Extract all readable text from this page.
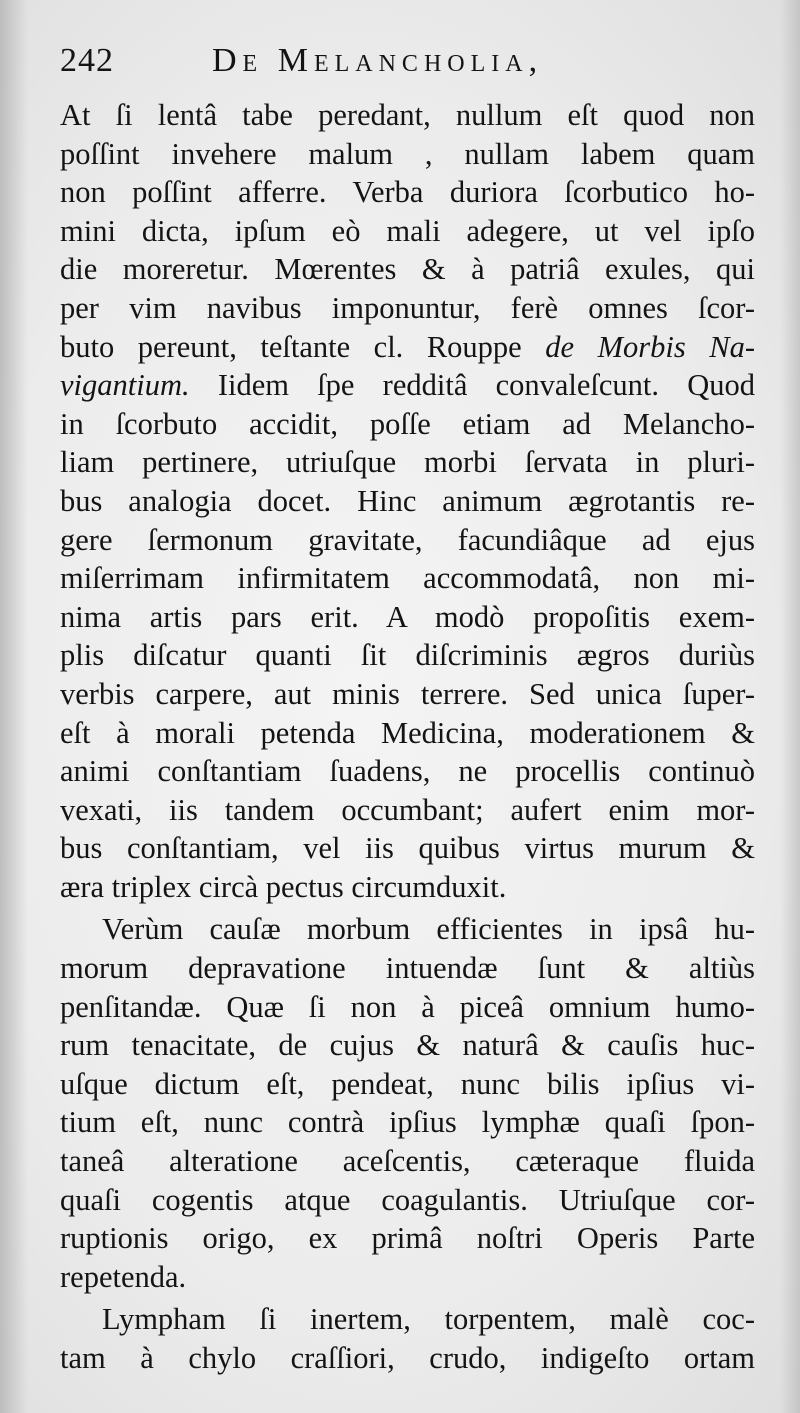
242	De Melancholia,
At ſi lentâ tabe peredant, nullum eſt quod non
poſſint invehere malum , nullam labem quam
non poſſint afferre. Verba duriora ſcorbutico ho-
mini dicta, ipſum eò mali adegere, ut vel ipſo
die moreretur. Mœrentes & à patriâ exules, qui
per vim navibus imponuntur, ferè omnes ſcor-
buto pereunt, teſtante cl. Rouppe de Morbis Na-
vigantium. Iidem ſpe redditâ convaleſcunt. Quod
in ſcorbuto accidit, poſſe etiam ad Melancho-
liam pertinere, utriuſque morbi ſervata in pluri-
bus analogia docet. Hinc animum ægrotantis re-
gere ſermonum gravitate, facundiâque ad ejus
miſerrimam infirmitatem accommodatâ, non mi-
nima artis pars erit. A modò propoſitis exem-
plis diſcatur quanti ſit diſcriminis ægros duriùs
verbis carpere, aut minis terrere. Sed unica ſuper-
eſt à morali petenda Medicina, moderationem &
animi conſtantiam ſuadens, ne procellis continuò
vexati, iis tandem occumbant; aufert enim mor-
bus conſtantiam, vel iis quibus virtus murum &
æra triplex circà pectus circumduxit.
Verùm cauſæ morbum efficientes in ipsâ hu-
morum depravatione intuendæ ſunt & altiùs
penſitandæ. Quæ ſi non à piceâ omnium humo-
rum tenacitate, de cujus & naturâ & cauſis huc-
uſque dictum eſt, pendeat, nunc bilis ipſius vi-
tium eſt, nunc contrà ipſius lymphæ quaſi ſpon-
taneâ alteratione aceſcentis, cæteraque fluida
quaſi cogentis atque coagulantis. Utriuſque cor-
ruptionis origo, ex primâ noſtri Operis Parte
repetenda.
Lympham ſi inertem, torpentem, malè coc-
tam à chylo craſſiori, crudo, indigeſto ortam
